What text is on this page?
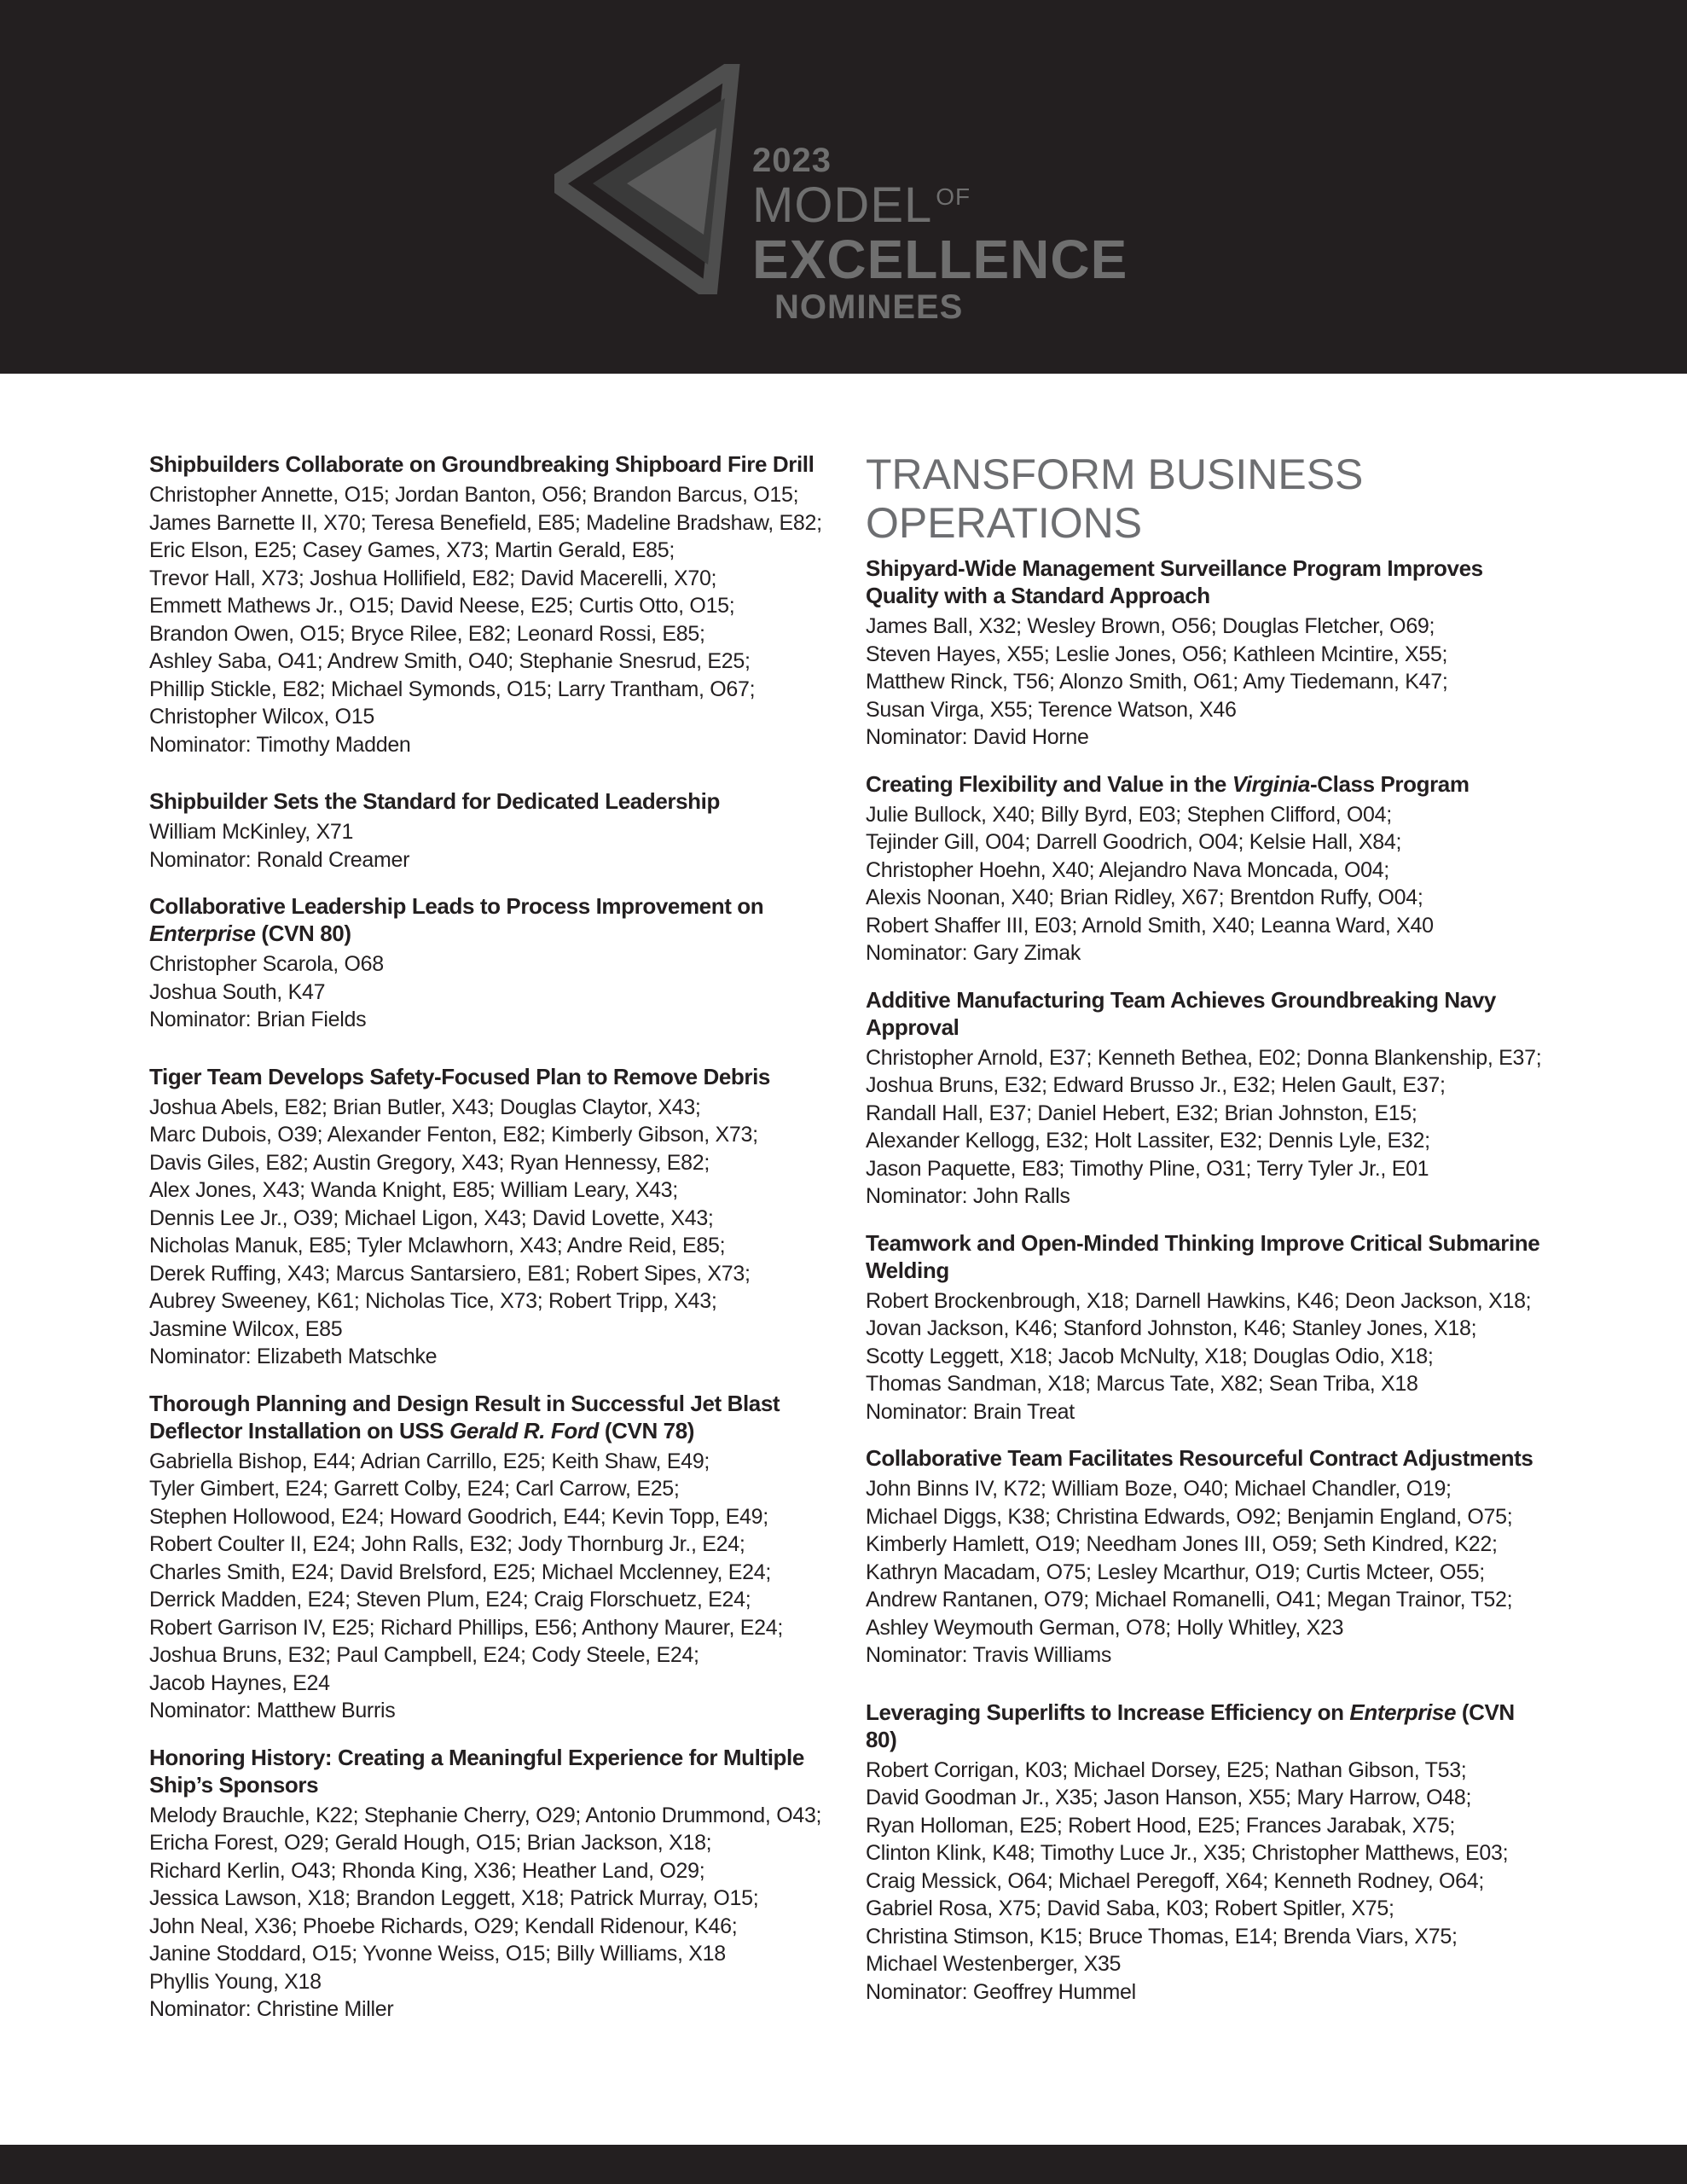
2023
MODEL $^{OF}$
EXCELLENCE
NOMINEES
Shipbuilders Collaborate on Groundbreaking Shipboard Fire Drill
Christopher Annette, O15; Jordan Banton, O56; Brandon Barcus, O15;
James Barnette II, X70; Teresa Benefield, E85; Madeline Bradshaw, E82;
Eric Elson, E25; Casey Games, X73; Martin Gerald, E85;
Trevor Hall, X73; Joshua Hollifield, E82; David Macerelli, X70;
Emmett Mathews Jr., O15; David Neese, E25; Curtis Otto, O15;
Brandon Owen, O15; Bryce Rilee, E82; Leonard Rossi, E85;
Ashley Saba, O41; Andrew Smith, O40; Stephanie Snesrud, E25;
Phillip Stickle, E82; Michael Symonds, O15; Larry Trantham, O67;
Christopher Wilcox, O15
Nominator: Timothy Madden
Shipbuilder Sets the Standard for Dedicated Leadership
William McKinley, X71
Nominator: Ronald Creamer
Collaborative Leadership Leads to Process Improvement on Enterprise (CVN 80)
Christopher Scarola, O68
Joshua South, K47
Nominator: Brian Fields
Tiger Team Develops Safety-Focused Plan to Remove Debris
Joshua Abels, E82; Brian Butler, X43; Douglas Claytor, X43;
Marc Dubois, O39; Alexander Fenton, E82; Kimberly Gibson, X73;
Davis Giles, E82; Austin Gregory, X43; Ryan Hennessy, E82;
Alex Jones, X43; Wanda Knight, E85; William Leary, X43;
Dennis Lee Jr., O39; Michael Ligon, X43; David Lovette, X43;
Nicholas Manuk, E85; Tyler Mclawhorn, X43; Andre Reid, E85;
Derek Ruffing, X43; Marcus Santarsiero, E81; Robert Sipes, X73;
Aubrey Sweeney, K61; Nicholas Tice, X73; Robert Tripp, X43;
Jasmine Wilcox, E85
Nominator: Elizabeth Matschke
Thorough Planning and Design Result in Successful Jet Blast Deflector Installation on USS Gerald R. Ford (CVN 78)
Gabriella Bishop, E44; Adrian Carrillo, E25; Keith Shaw, E49;
Tyler Gimbert, E24; Garrett Colby, E24; Carl Carrow, E25;
Stephen Hollowood, E24; Howard Goodrich, E44; Kevin Topp, E49;
Robert Coulter II, E24; John Ralls, E32; Jody Thornburg Jr., E24;
Charles Smith, E24; David Brelsford, E25; Michael Mcclenney, E24;
Derrick Madden, E24; Steven Plum, E24; Craig Florschuetz, E24;
Robert Garrison IV, E25; Richard Phillips, E56; Anthony Maurer, E24;
Joshua Bruns, E32; Paul Campbell, E24; Cody Steele, E24;
Jacob Haynes, E24
Nominator: Matthew Burris
Honoring History: Creating a Meaningful Experience for Multiple Ship’s Sponsors
Melody Brauchle, K22; Stephanie Cherry, O29; Antonio Drummond, O43;
Ericha Forest, O29; Gerald Hough, O15; Brian Jackson, X18;
Richard Kerlin, O43; Rhonda King, X36; Heather Land, O29;
Jessica Lawson, X18; Brandon Leggett, X18; Patrick Murray, O15;
John Neal, X36; Phoebe Richards, O29; Kendall Ridenour, K46;
Janine Stoddard, O15; Yvonne Weiss, O15; Billy Williams, X18
Phyllis Young, X18
Nominator: Christine Miller
TRANSFORM BUSINESS OPERATIONS
Shipyard-Wide Management Surveillance Program Improves Quality with a Standard Approach
James Ball, X32; Wesley Brown, O56; Douglas Fletcher, O69;
Steven Hayes, X55; Leslie Jones, O56; Kathleen Mcintire, X55;
Matthew Rinck, T56; Alonzo Smith, O61; Amy Tiedemann, K47;
Susan Virga, X55; Terence Watson, X46
Nominator: David Horne
Creating Flexibility and Value in the Virginia-Class Program
Julie Bullock, X40; Billy Byrd, E03; Stephen Clifford, O04;
Tejinder Gill, O04; Darrell Goodrich, O04; Kelsie Hall, X84;
Christopher Hoehn, X40; Alejandro Nava Moncada, O04;
Alexis Noonan, X40; Brian Ridley, X67; Brentdon Ruffy, O04;
Robert Shaffer III, E03; Arnold Smith, X40; Leanna Ward, X40
Nominator: Gary Zimak
Additive Manufacturing Team Achieves Groundbreaking Navy Approval
Christopher Arnold, E37; Kenneth Bethea, E02; Donna Blankenship, E37;
Joshua Bruns, E32; Edward Brusso Jr., E32; Helen Gault, E37;
Randall Hall, E37; Daniel Hebert, E32; Brian Johnston, E15;
Alexander Kellogg, E32; Holt Lassiter, E32; Dennis Lyle, E32;
Jason Paquette, E83; Timothy Pline, O31; Terry Tyler Jr., E01
Nominator: John Ralls
Teamwork and Open-Minded Thinking Improve Critical Submarine Welding
Robert Brockenbrough, X18; Darnell Hawkins, K46; Deon Jackson, X18;
Jovan Jackson, K46; Stanford Johnston, K46; Stanley Jones, X18;
Scotty Leggett, X18; Jacob McNulty, X18; Douglas Odio, X18;
Thomas Sandman, X18; Marcus Tate, X82; Sean Triba, X18
Nominator: Brain Treat
Collaborative Team Facilitates Resourceful Contract Adjustments
John Binns IV, K72; William Boze, O40; Michael Chandler, O19;
Michael Diggs, K38; Christina Edwards, O92; Benjamin England, O75;
Kimberly Hamlett, O19; Needham Jones III, O59; Seth Kindred, K22;
Kathryn Macadam, O75; Lesley Mcarthur, O19; Curtis Mcteer, O55;
Andrew Rantanen, O79; Michael Romanelli, O41; Megan Trainor, T52;
Ashley Weymouth German, O78; Holly Whitley, X23
Nominator: Travis Williams
Leveraging Superlifts to Increase Efficiency on Enterprise (CVN 80)
Robert Corrigan, K03; Michael Dorsey, E25; Nathan Gibson, T53;
David Goodman Jr., X35; Jason Hanson, X55; Mary Harrow, O48;
Ryan Holloman, E25; Robert Hood, E25; Frances Jarabak, X75;
Clinton Klink, K48; Timothy Luce Jr., X35; Christopher Matthews, E03;
Craig Messick, O64; Michael Peregoff, X64; Kenneth Rodney, O64;
Gabriel Rosa, X75; David Saba, K03; Robert Spitler, X75;
Christina Stimson, K15; Bruce Thomas, E14; Brenda Viars, X75;
Michael Westenberger, X35
Nominator: Geoffrey Hummel
